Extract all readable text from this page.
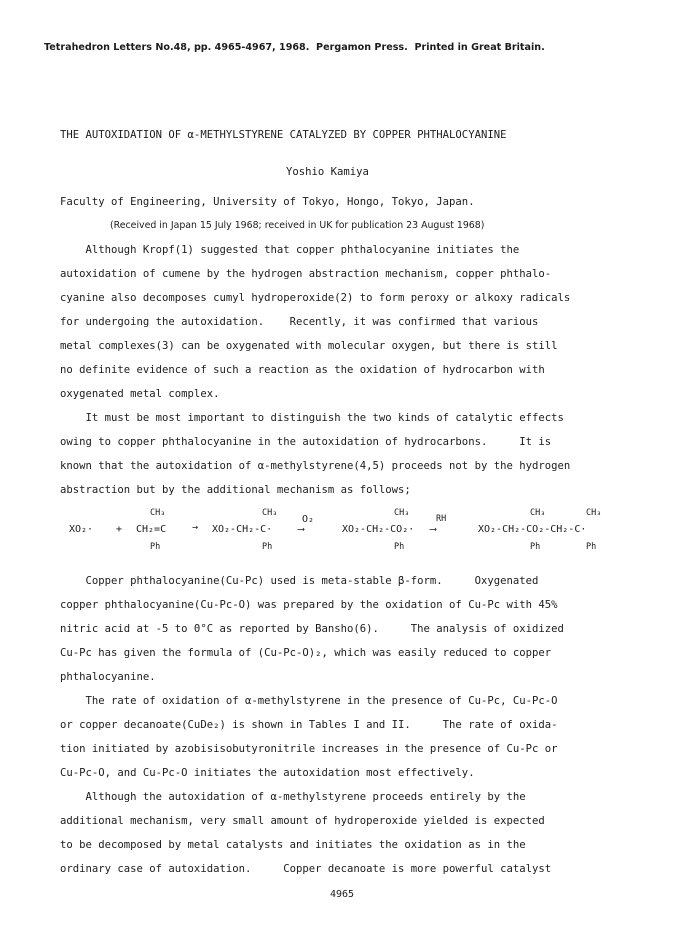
Tetrahedron Letters No.48, pp. 4965-4967, 1968.  Pergamon Press.  Printed in Great Britain.
THE AUTOXIDATION OF α-METHYLSTYRENE CATALYZED BY COPPER PHTHALOCYANINE
Yoshio Kamiya
Faculty of Engineering, University of Tokyo, Hongo, Tokyo, Japan.
(Received in Japan 15 July 1968; received in UK for publication 23 August 1968)
Although Kropf(1) suggested that copper phthalocyanine initiates the
autoxidation of cumene by the hydrogen abstraction mechanism, copper phthalo-
cyanine also decomposes cumyl hydroperoxide(2) to form peroxy or alkoxy radicals
for undergoing the autoxidation.    Recently, it was confirmed that various
metal complexes(3) can be oxygenated with molecular oxygen, but there is still
no definite evidence of such a reaction as the oxidation of hydrocarbon with
oxygenated metal complex.
It must be most important to distinguish the two kinds of catalytic effects
owing to copper phthalocyanine in the autoxidation of hydrocarbons.     It is
known that the autoxidation of α-methylstyrene(4,5) proceeds not by the hydrogen
abstraction but by the additional mechanism as follows;

XO₂·

+

CH₃

CH₂=C

Ph

→

CH₃

XO₂-CH₂-C·

Ph

O₂

⟶

CH₃

XO₂-CH₂-CO₂·

Ph

RH

⟶

CH₃

	CH₃

XO₂-CH₂-CO₂-CH₂-C·

Ph

	Ph

Copper phthalocyanine(Cu-Pc) used is meta-stable β-form.     Oxygenated
copper phthalocyanine(Cu-Pc-O) was prepared by the oxidation of Cu-Pc with 45%
nitric acid at -5 to 0°C as reported by Bansho(6).     The analysis of oxidized
Cu-Pc has given the formula of (Cu-Pc-O)₂, which was easily reduced to copper
phthalocyanine.
The rate of oxidation of α-methylstyrene in the presence of Cu-Pc, Cu-Pc-O
or copper decanoate(CuDe₂) is shown in Tables I and II.     The rate of oxida-
tion initiated by azobisisobutyronitrile increases in the presence of Cu-Pc or
Cu-Pc-O, and Cu-Pc-O initiates the autoxidation most effectively.
Although the autoxidation of α-methylstyrene proceeds entirely by the
additional mechanism, very small amount of hydroperoxide yielded is expected
to be decomposed by metal catalysts and initiates the oxidation as in the
ordinary case of autoxidation.     Copper decanoate is more powerful catalyst
4965
